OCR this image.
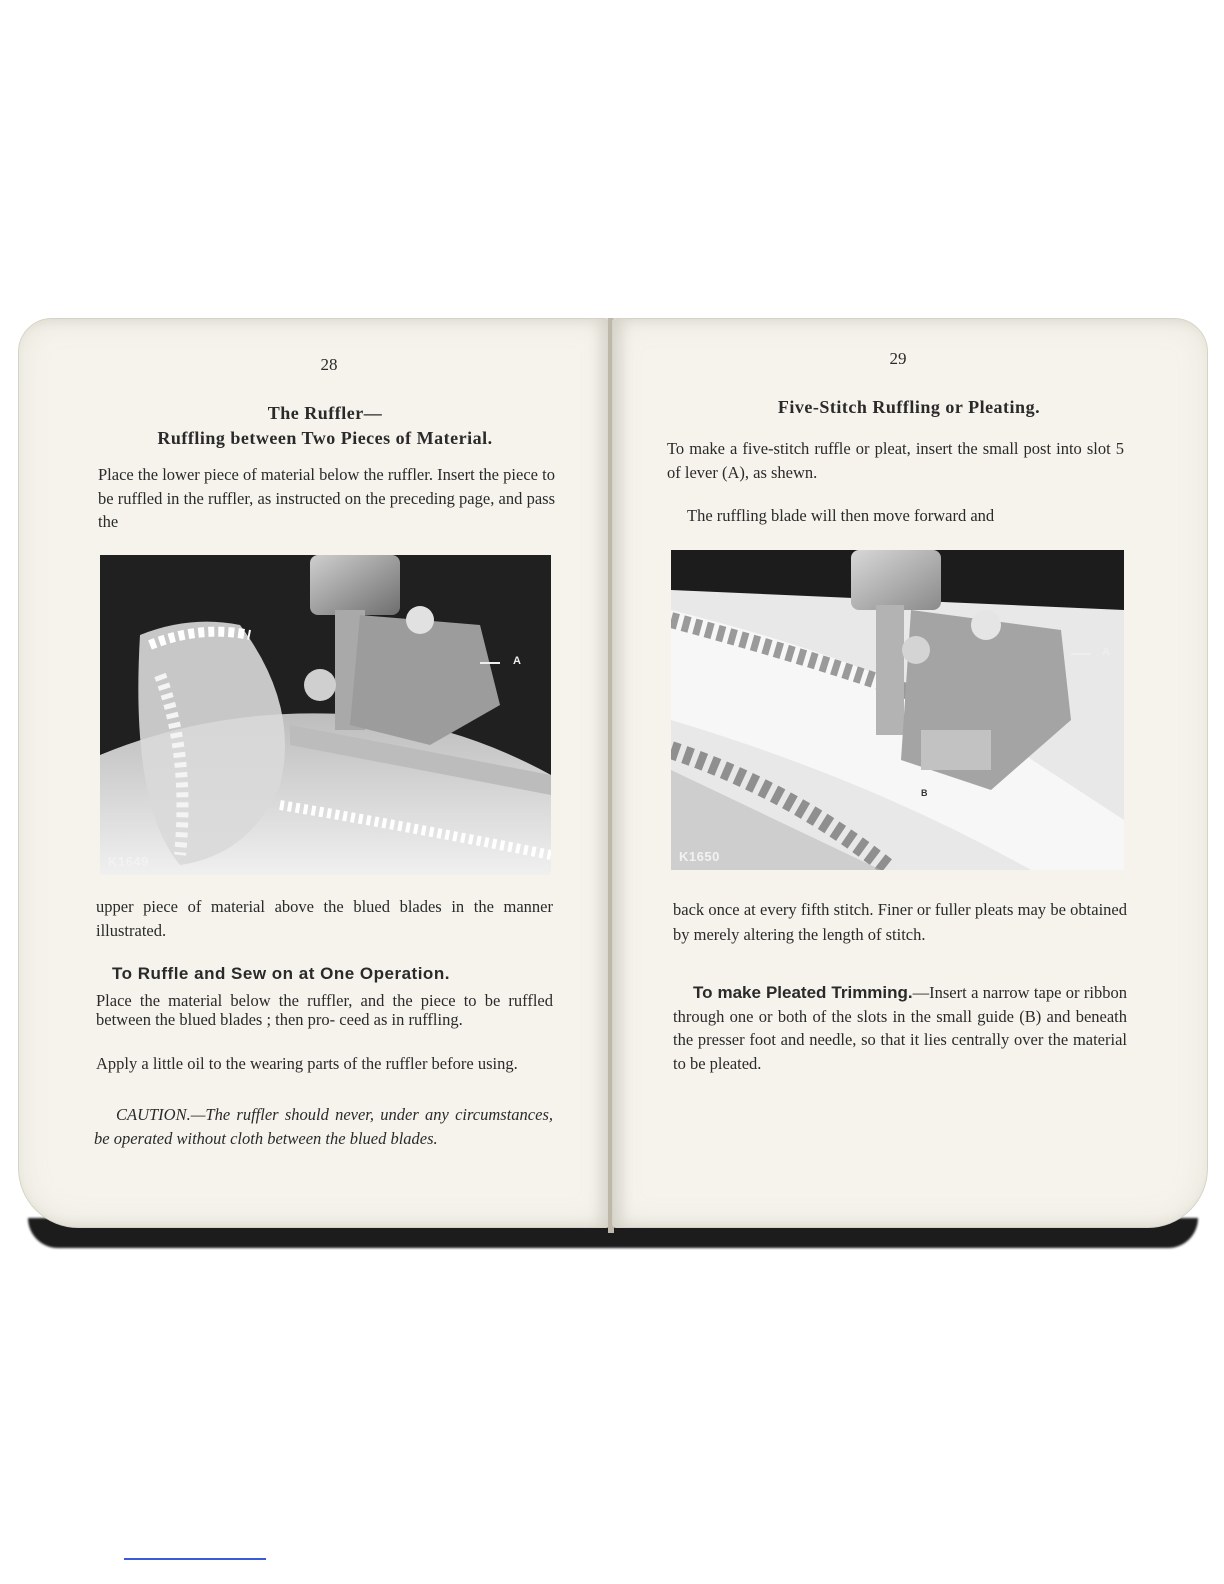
28
The Ruffler—
Ruffling between Two Pieces of Material.
Place the lower piece of material below the ruffler. Insert the piece to be ruffled in the ruffler, as instructed on the preceding page, and pass the
A
K1649
upper piece of material above the blued blades in the manner illustrated.
To Ruffle and Sew on at One Operation.
Place the material below the ruffler, and the piece to be ruffled between the blued blades ; then pro- ceed as in ruffling.
Apply a little oil to the wearing parts of the ruffler before using.
CAUTION.—The ruffler should never, under any circumstances, be operated without cloth between the blued blades.
29
Five-Stitch Ruffling or Pleating.
To make a five-stitch ruffle or pleat, insert the small post into slot 5 of lever (A), as shewn.
The ruffling blade will then move forward and
A
B
K1650
back once at every fifth stitch. Finer or fuller pleats may be obtained by merely altering the length of stitch.
To make Pleated Trimming.—Insert a narrow tape or ribbon through one or both of the slots in the small guide (B) and beneath the presser foot and needle, so that it lies centrally over the material to be pleated.
